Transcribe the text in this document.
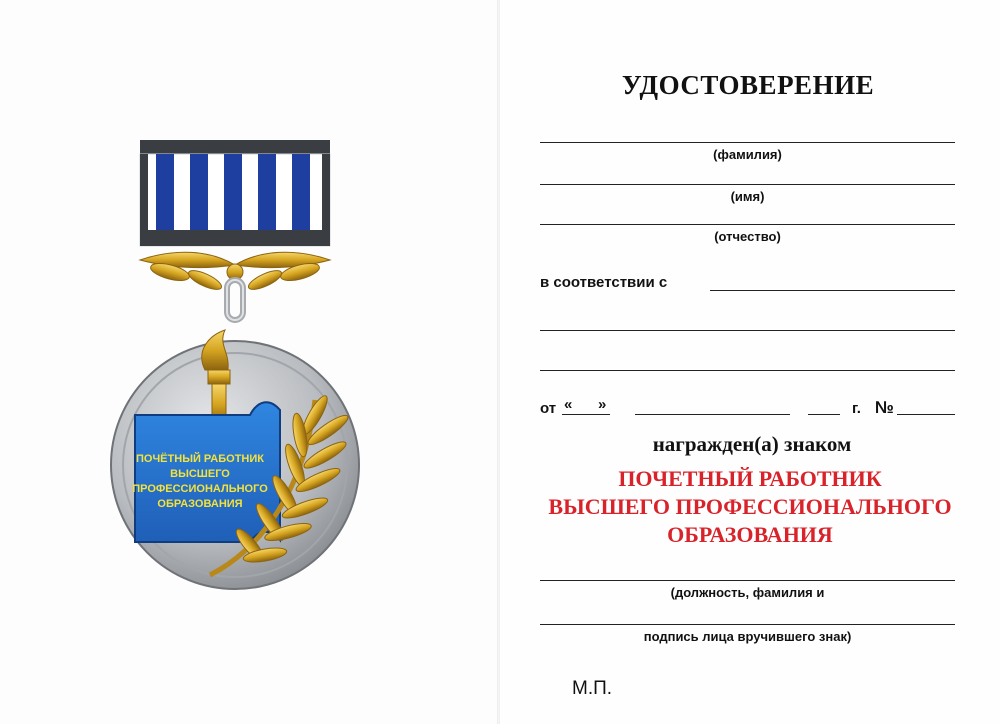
ПОЧЁТНЫЙ РАБОТНИК
ВЫСШЕГО
ПРОФЕССИОНАЛЬНОГО
ОБРАЗОВАНИЯ
УДОСТОВЕРЕНИЕ
(фамилия)
(имя)
(отчество)
в соответствии с
от « »	г. №
награжден(а) знаком
ПОЧЕТНЫЙ РАБОТНИК
ВЫСШЕГО ПРОФЕССИОНАЛЬНОГО
ОБРАЗОВАНИЯ
(должность, фамилия и
подпись лица вручившего знак)
М.П.
